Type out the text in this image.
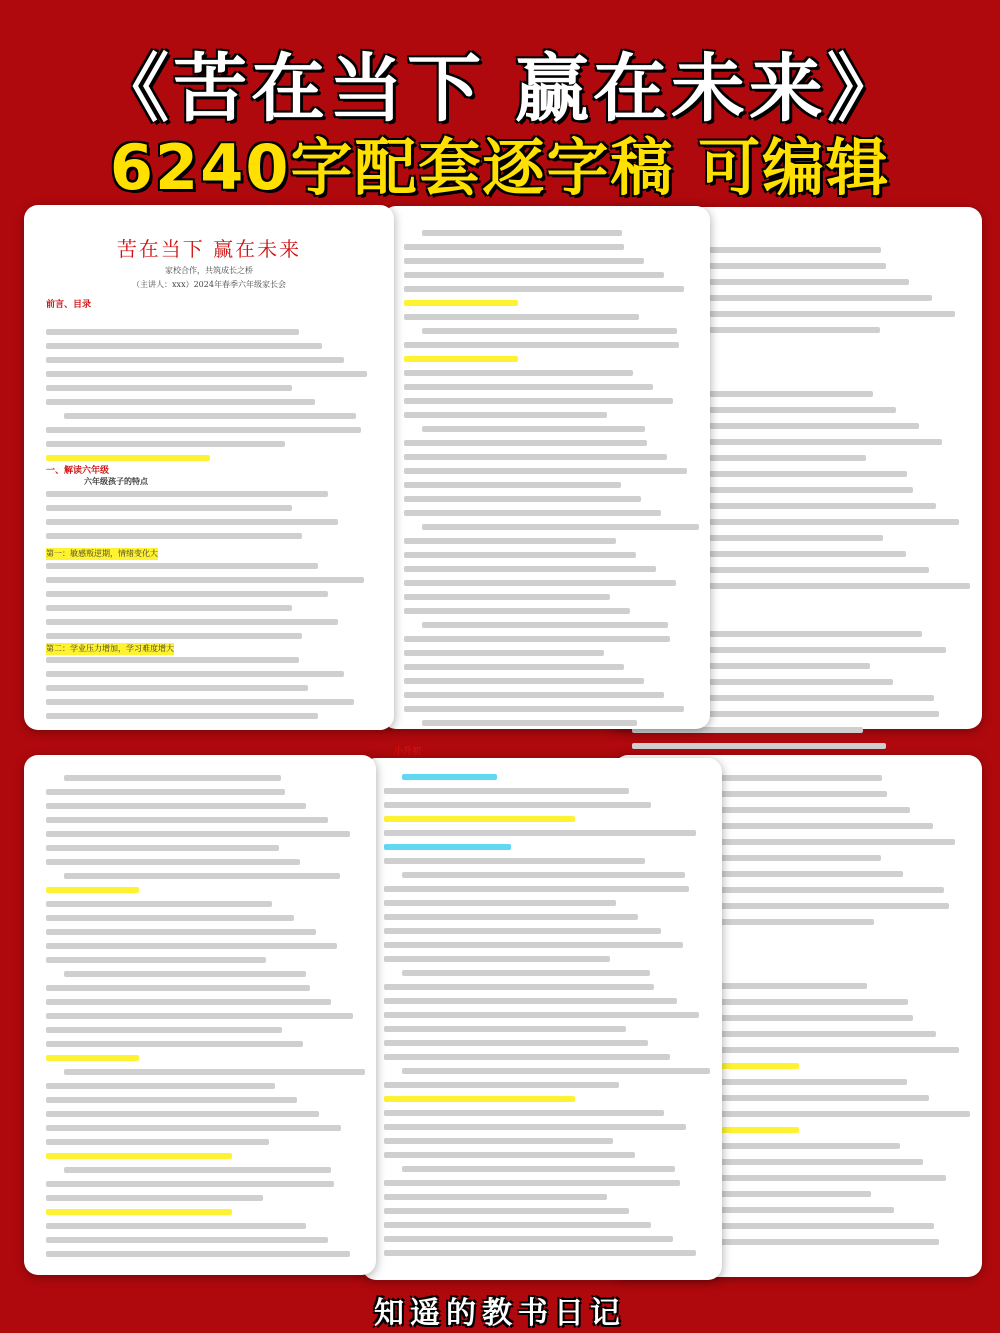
《苦在当下 赢在未来》
6240字配套逐字稿 可编辑
小升初
苦在当下 赢在未来
家校合作，共筑成长之桥
（主讲人：xxx）2024年春季六年级家长会
前言、目录
一、解读六年级
六年级孩子的特点
第一：敏感叛逆期，情绪变化大
第二：学业压力增加，学习难度增大
知遥的教书日记
